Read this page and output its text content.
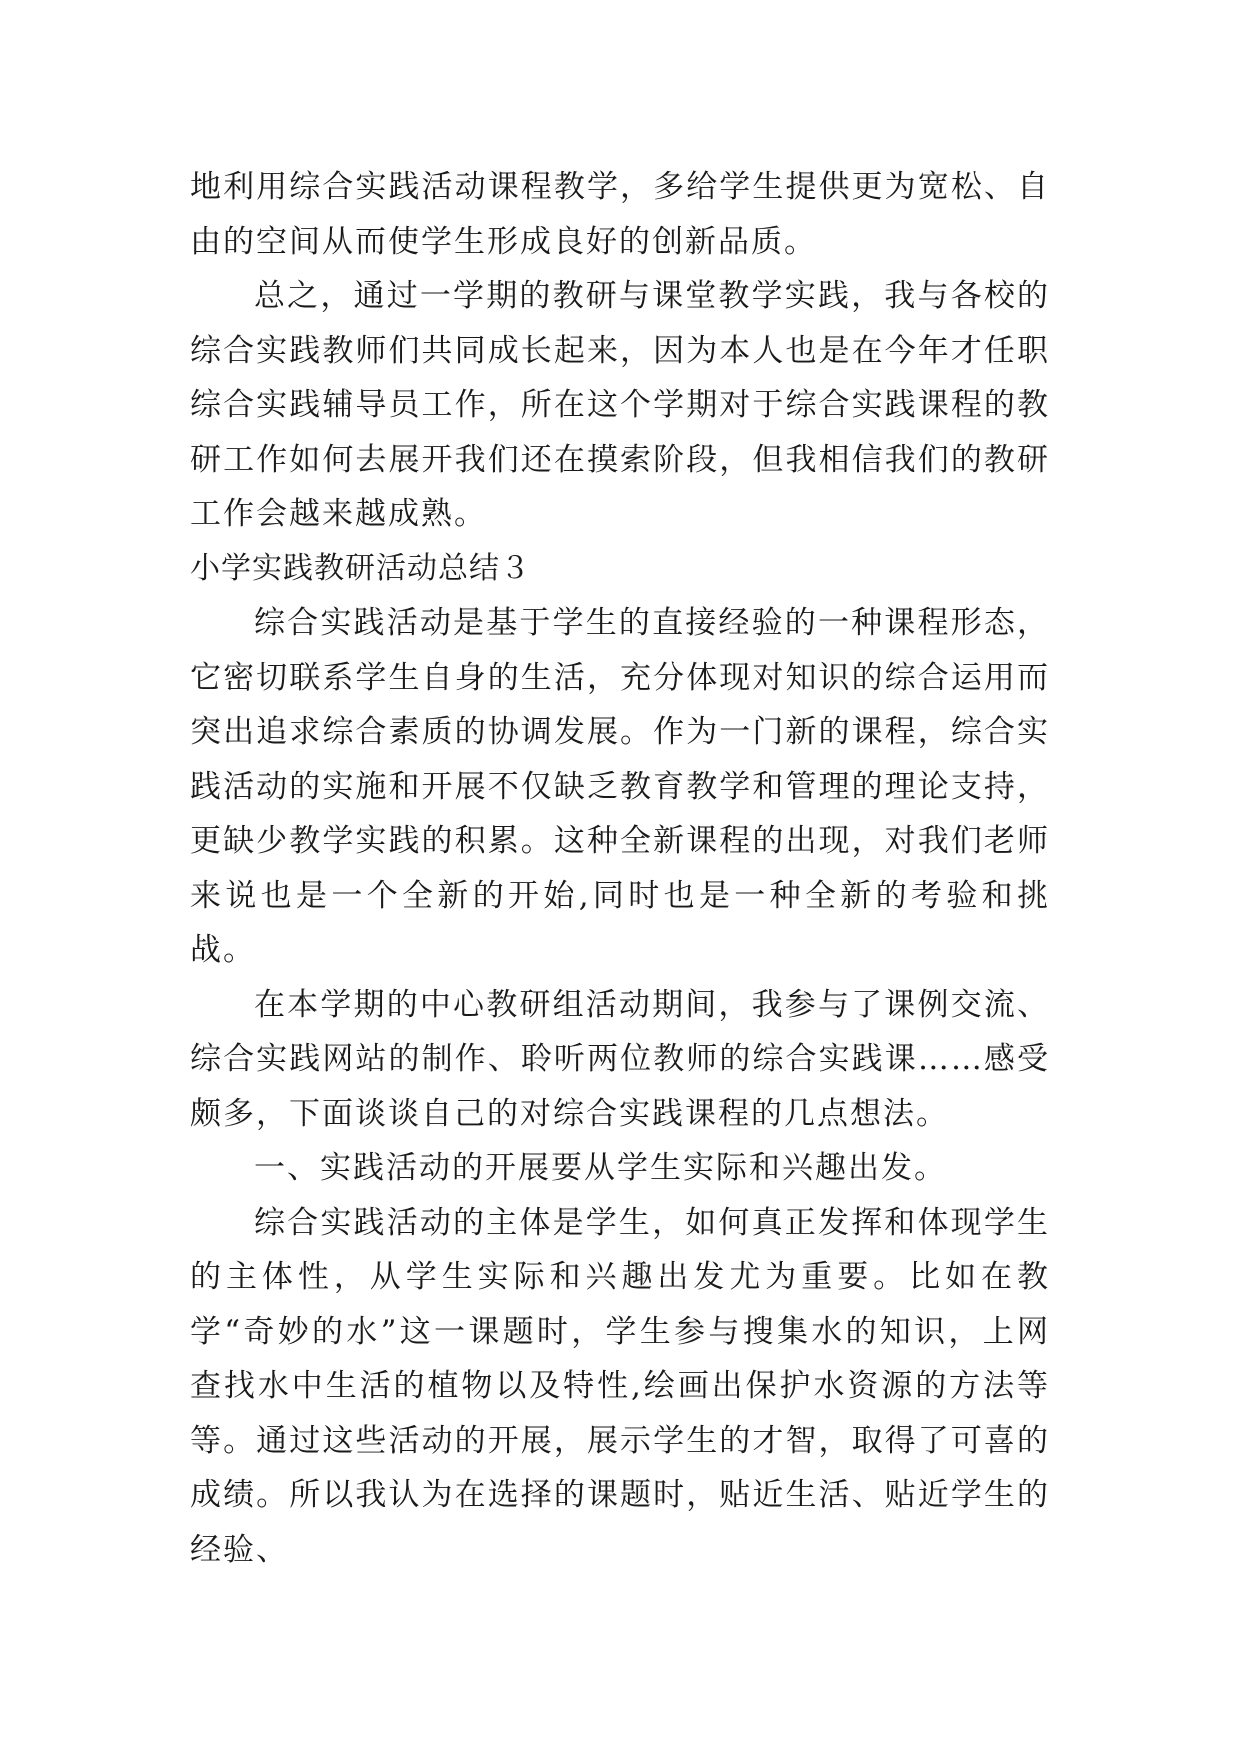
地利用综合实践活动课程教学，多给学生提供更为宽松、自由的空间从而使学生形成良好的创新品质。

总之，通过一学期的教研与课堂教学实践，我与各校的综合实践教师们共同成长起来，因为本人也是在今年才任职综合实践辅导员工作，所在这个学期对于综合实践课程的教研工作如何去展开我们还在摸索阶段，但我相信我们的教研工作会越来越成熟。

小学实践教研活动总结３

综合实践活动是基于学生的直接经验的一种课程形态，它密切联系学生自身的生活，充分体现对知识的综合运用而突出追求综合素质的协调发展。作为一门新的课程，综合实践活动的实施和开展不仅缺乏教育教学和管理的理论支持，更缺少教学实践的积累。这种全新课程的出现，对我们老师来说也是一个全新的开始,同时也是一种全新的考验和挑战。

在本学期的中心教研组活动期间，我参与了课例交流、综合实践网站的制作、聆听两位教师的综合实践课……感受颇多，下面谈谈自己的对综合实践课程的几点想法。

一、实践活动的开展要从学生实际和兴趣出发。

综合实践活动的主体是学生，如何真正发挥和体现学生的主体性，从学生实际和兴趣出发尤为重要。比如在教学“奇妙的水”这一课题时，学生参与搜集水的知识，上网查找水中生活的植物以及特性,绘画出保护水资源的方法等等。通过这些活动的开展，展示学生的才智，取得了可喜的成绩。所以我认为在选择的课题时，贴近生活、贴近学生的经验、
